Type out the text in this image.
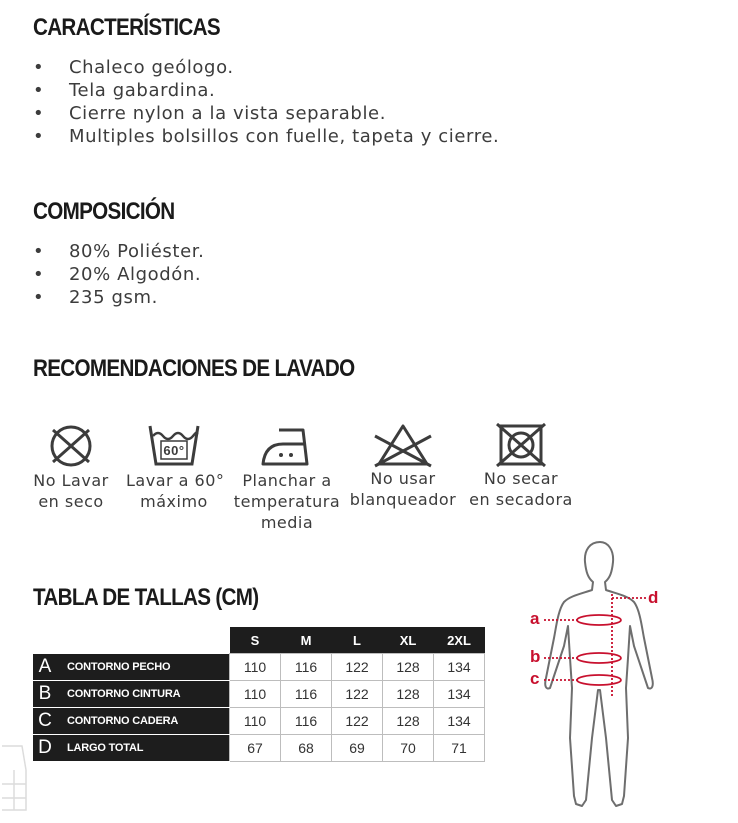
CARACTERÍSTICAS
• Chaleco geólogo.
• Tela gabardina.
• Cierre nylon a la vista separable.
• Multiples bolsillos con fuelle, tapeta y cierre.
COMPOSICIÓN
• 80% Poliéster.
• 20% Algodón.
• 235 gsm.
RECOMENDACIONES DE LAVADO
No Lavar
en seco
60°
Lavar a 60°
máximo
Planchar a
temperatura
media
No usar
blanqueador
No secar
en secadora
TABLA DE TALLAS (CM)
		S	M	L	XL	2XL
A	CONTORNO PECHO	110	116	122	128	134
B	CONTORNO CINTURA	110	116	122	128	134
C	CONTORNO CADERA	110	116	122	128	134
D	LARGO TOTAL	67	68	69	70	71
a
b
c
d
